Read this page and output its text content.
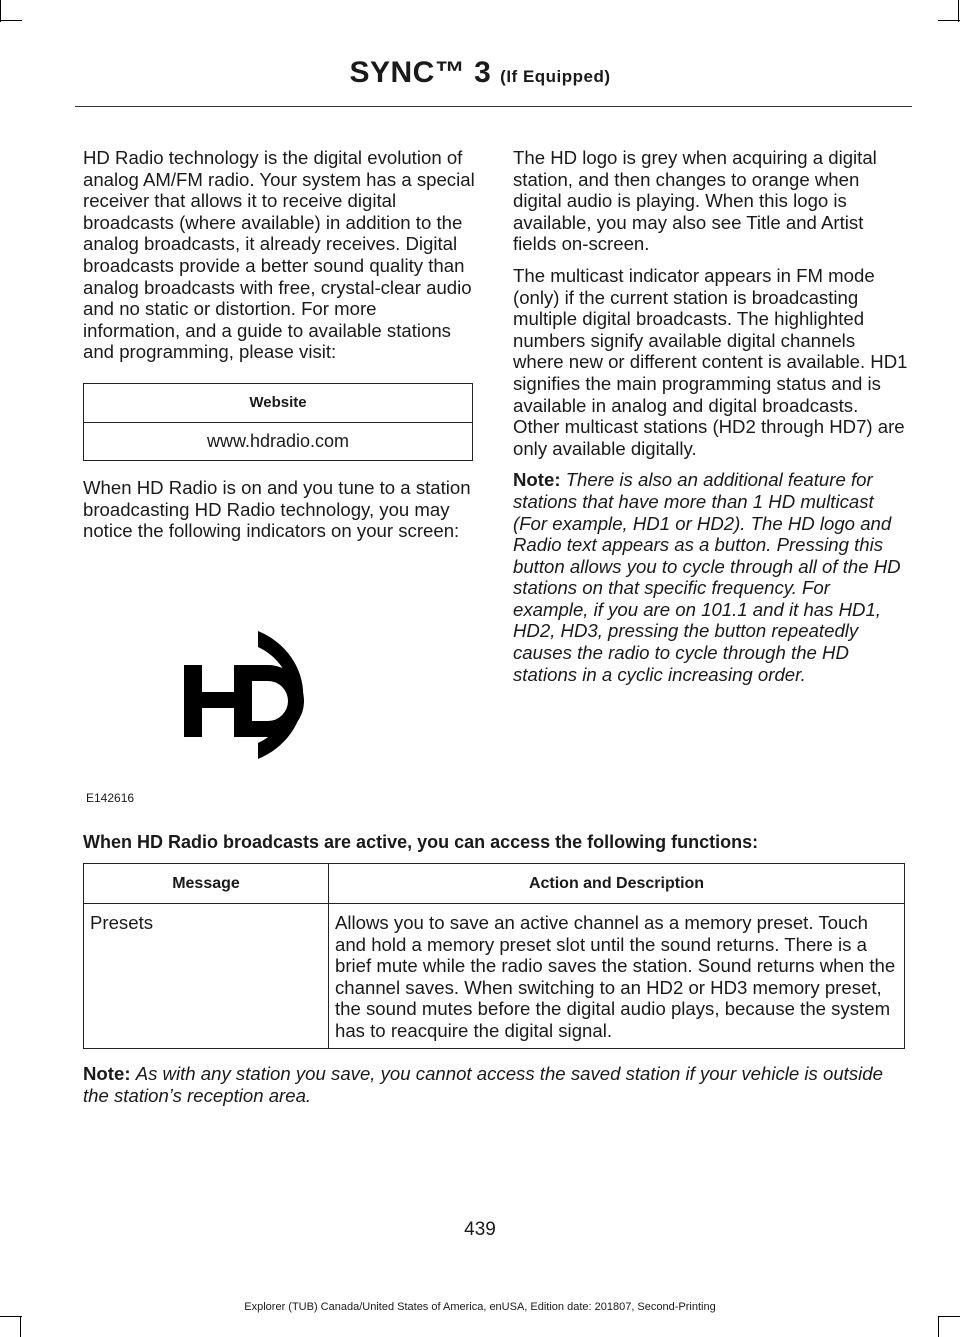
SYNC™ 3 (If Equipped)

HD Radio technology is the digital evolution of analog AM/FM radio. Your system has a special receiver that allows it to receive digital broadcasts (where available) in addition to the analog broadcasts, it already receives. Digital broadcasts provide a better sound quality than analog broadcasts with free, crystal-clear audio and no static or distortion. For more information, and a guide to available stations and programming, please visit:

Website
www.hdradio.com

When HD Radio is on and you tune to a station broadcasting HD Radio technology, you may notice the following indicators on your screen:

E142616

The HD logo is grey when acquiring a digital station, and then changes to orange when digital audio is playing. When this logo is available, you may also see Title and Artist fields on-screen.

The multicast indicator appears in FM mode (only) if the current station is broadcasting multiple digital broadcasts. The highlighted numbers signify available digital channels where new or different content is available. HD1 signifies the main programming status and is available in analog and digital broadcasts. Other multicast stations (HD2 through HD7) are only available digitally.

Note: There is also an additional feature for stations that have more than 1 HD multicast (For example, HD1 or HD2). The HD logo and Radio text appears as a button. Pressing this button allows you to cycle through all of the HD stations on that specific frequency. For example, if you are on 101.1 and it has HD1, HD2, HD3, pressing the button repeatedly causes the radio to cycle through the HD stations in a cyclic increasing order.

When HD Radio broadcasts are active, you can access the following functions:
Message	Action and Description
Presets	Allows you to save an active channel as a memory preset. Touch and hold a memory preset slot until the sound returns. There is a brief mute while the radio saves the station. Sound returns when the channel saves. When switching to an HD2 or HD3 memory preset, the sound mutes before the digital audio plays, because the system has to reacquire the digital signal.
Note: As with any station you save, you cannot access the saved station if your vehicle is outside the station’s reception area.
439
Explorer (TUB) Canada/United States of America, enUSA, Edition date: 201807, Second-Printing
